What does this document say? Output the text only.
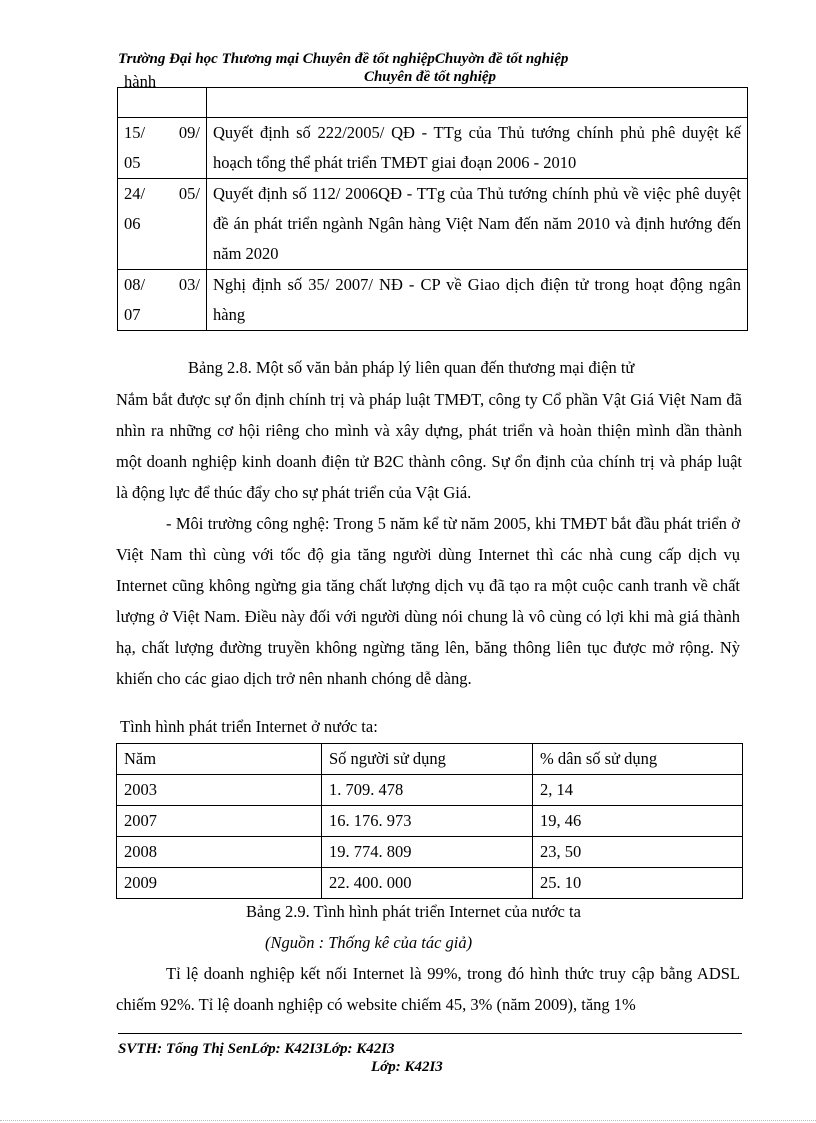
Trường Đại học Thương mại Chuyên đề tốt nghiệpChuyờn đề tốt nghiệp
Chuyên đề tốt nghiệp
hành	

15/ 09/
05	Quyết định số 222/2005/ QĐ - TTg của Thủ tướng chính phủ phê duyệt kế hoạch tổng thể phát triển TMĐT giai đoạn 2006 - 2010

24/ 05/
06	Quyết định số 112/ 2006QĐ - TTg của Thủ tướng chính phủ về việc phê duyệt đề án phát triển ngành Ngân hàng Việt Nam đến năm 2010 và định hướng đến năm 2020

08/ 03/
07	Nghị định số 35/ 2007/ NĐ - CP về Giao dịch điện tử trong hoạt động ngân hàng
Bảng 2.8. Một số văn bản pháp lý liên quan đến thương mại điện tử
Nắm bắt được sự ổn định chính trị và pháp luật TMĐT, công ty Cổ phần Vật Giá Việt Nam đã nhìn ra những cơ hội riêng cho mình và xây dựng, phát triển và hoàn thiện mình dần thành một doanh nghiệp kinh doanh điện tử B2C thành công. Sự ổn định của chính trị và pháp luật là động lực để thúc đẩy cho sự phát triển của Vật Giá.
- Môi trường công nghệ: Trong 5 năm kể từ năm 2005, khi TMĐT bắt đầu phát triển ở Việt Nam thì cùng với tốc độ gia tăng người dùng Internet thì các nhà cung cấp dịch vụ Internet cũng không ngừng gia tăng chất lượng dịch vụ đã tạo ra một cuộc canh tranh về chất lượng ở Việt Nam. Điều này đối với người dùng nói chung là vô cùng có lợi khi mà giá thành hạ, chất lượng đường truyền không ngừng tăng lên, băng thông liên tục được mở rộng. Nỳ khiến cho các giao dịch trở nên nhanh chóng dễ dàng.
Tình hình phát triển Internet ở nước ta:
Năm	Số người sử dụng	% dân số sử dụng
2003	1. 709. 478	2, 14
2007	16. 176. 973	19, 46
2008	19. 774. 809	23, 50
2009	22. 400. 000	25. 10
Bảng 2.9. Tình hình phát triển Internet của nước ta
(Nguồn : Thống kê của tác giả)
Tỉ lệ doanh nghiệp kết nối Internet là 99%, trong đó hình thức truy cập bằng ADSL chiếm 92%. Tỉ lệ doanh nghiệp có website chiếm 45, 3% (năm 2009), tăng 1%
SVTH: Tống Thị SenLớp: K42I3Lớp: K42I3
Lớp: K42I3
